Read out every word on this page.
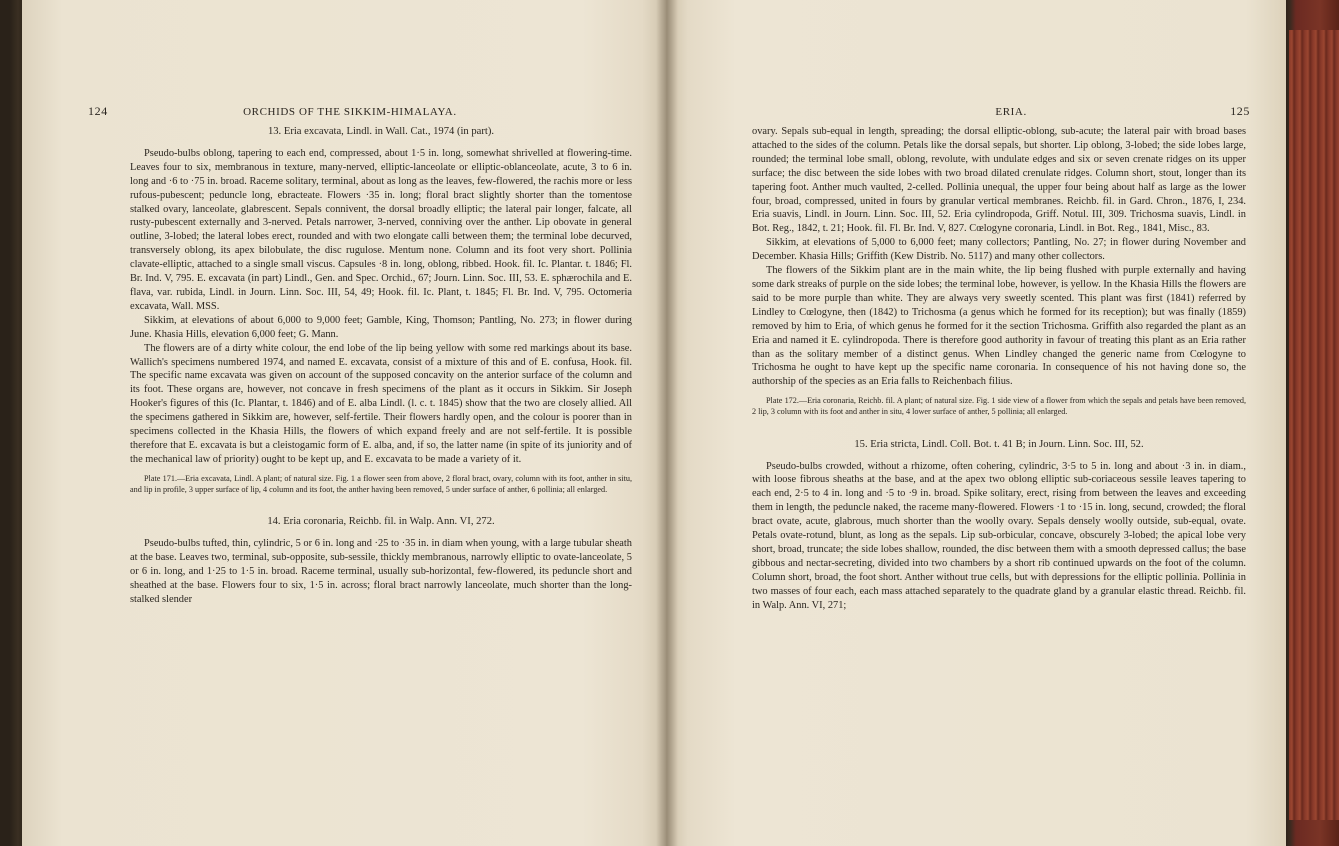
124	ORCHIDS OF THE SIKKIM-HIMALAYA.

13. Eria excavata, Lindl. in Wall. Cat., 1974 (in part).

Pseudo-bulbs oblong, tapering to each end, compressed, about 1·5 in. long, somewhat shrivelled at flowering-time. Leaves four to six, membranous in texture, many-nerved, elliptic-lanceolate or elliptic-oblanceolate, acute, 3 to 6 in. long and ·6 to ·75 in. broad. Raceme solitary, terminal, about as long as the leaves, few-flowered, the rachis more or less rufous-pubescent; peduncle long, ebracteate. Flowers ·35 in. long; floral bract slightly shorter than the tomentose stalked ovary, lanceolate, glabrescent. Sepals connivent, the dorsal broadly elliptic; the lateral pair longer, falcate, all rusty-pubescent externally and 3-nerved. Petals narrower, 3-nerved, conniving over the anther. Lip obovate in general outline, 3-lobed; the lateral lobes erect, rounded and with two elongate calli between them; the terminal lobe decurved, transversely oblong, its apex bilobulate, the disc rugulose. Mentum none. Column and its foot very short. Pollinia clavate-elliptic, attached to a single small viscus. Capsules ·8 in. long, oblong, ribbed. Hook. fil. Ic. Plantar. t. 1846; Fl. Br. Ind. V, 795. E. excavata (in part) Lindl., Gen. and Spec. Orchid., 67; Journ. Linn. Soc. III, 53. E. sphærochila and E. flava, var. rubida, Lindl. in Journ. Linn. Soc. III, 54, 49; Hook. fil. Ic. Plant, t. 1845; Fl. Br. Ind. V, 795. Octomeria excavata, Wall. MSS.

Sikkim, at elevations of about 6,000 to 9,000 feet; Gamble, King, Thomson; Pantling, No. 273; in flower during June. Khasia Hills, elevation 6,000 feet; G. Mann.

The flowers are of a dirty white colour, the end lobe of the lip being yellow with some red markings about its base. Wallich's specimens numbered 1974, and named E. excavata, consist of a mixture of this and of E. confusa, Hook. fil. The specific name excavata was given on account of the supposed concavity on the anterior surface of the column and its foot. These organs are, however, not concave in fresh specimens of the plant as it occurs in Sikkim. Sir Joseph Hooker's figures of this (Ic. Plantar, t. 1846) and of E. alba Lindl. (l. c. t. 1845) show that the two are closely allied. All the specimens gathered in Sikkim are, however, self-fertile. Their flowers hardly open, and the colour is poorer than in specimens collected in the Khasia Hills, the flowers of which expand freely and are not self-fertile. It is possible therefore that E. excavata is but a cleistogamic form of E. alba, and, if so, the latter name (in spite of its juniority and of the mechanical law of priority) ought to be kept up, and E. excavata to be made a variety of it.

Plate 171.—Eria excavata, Lindl. A plant; of natural size. Fig. 1 a flower seen from above, 2 floral bract, ovary, column with its foot, anther in situ, and lip in profile, 3 upper surface of lip, 4 column and its foot, the anther having been removed, 5 under surface of anther, 6 pollinia; all enlarged.

14. Eria coronaria, Reichb. fil. in Walp. Ann. VI, 272.

Pseudo-bulbs tufted, thin, cylindric, 5 or 6 in. long and ·25 to ·35 in. in diam when young, with a large tubular sheath at the base. Leaves two, terminal, sub-opposite, sub-sessile, thickly membranous, narrowly elliptic to ovate-lanceolate, 5 or 6 in. long, and 1·25 to 1·5 in. broad. Raceme terminal, usually sub-horizontal, few-flowered, its peduncle short and sheathed at the base. Flowers four to six, 1·5 in. across; floral bract narrowly lanceolate, much shorter than the long-stalked slender

ERIA.	125

ovary. Sepals sub-equal in length, spreading; the dorsal elliptic-oblong, sub-acute; the lateral pair with broad bases attached to the sides of the column. Petals like the dorsal sepals, but shorter. Lip oblong, 3-lobed; the side lobes large, rounded; the terminal lobe small, oblong, revolute, with undulate edges and six or seven crenate ridges on its upper surface; the disc between the side lobes with two broad dilated crenulate ridges. Column short, stout, longer than its tapering foot. Anther much vaulted, 2-celled. Pollinia unequal, the upper four being about half as large as the lower four, broad, compressed, united in fours by granular vertical membranes. Reichb. fil. in Gard. Chron., 1876, I, 234. Eria suavis, Lindl. in Journ. Linn. Soc. III, 52. Eria cylindropoda, Griff. Notul. III, 309. Trichosma suavis, Lindl. in Bot. Reg., 1842, t. 21; Hook. fil. Fl. Br. Ind. V, 827. Cœlogyne coronaria, Lindl. in Bot. Reg., 1841, Misc., 83.

Sikkim, at elevations of 5,000 to 6,000 feet; many collectors; Pantling, No. 27; in flower during November and December. Khasia Hills; Griffith (Kew Distrib. No. 5117) and many other collectors.

The flowers of the Sikkim plant are in the main white, the lip being flushed with purple externally and having some dark streaks of purple on the side lobes; the terminal lobe, however, is yellow. In the Khasia Hills the flowers are said to be more purple than white. They are always very sweetly scented. This plant was first (1841) referred by Lindley to Cœlogyne, then (1842) to Trichosma (a genus which he formed for its reception); but was finally (1859) removed by him to Eria, of which genus he formed for it the section Trichosma. Griffith also regarded the plant as an Eria and named it E. cylindropoda. There is therefore good authority in favour of treating this plant as an Eria rather than as the solitary member of a distinct genus. When Lindley changed the generic name from Cœlogyne to Trichosma he ought to have kept up the specific name coronaria. In consequence of his not having done so, the authorship of the species as an Eria falls to Reichenbach filius.

Plate 172.—Eria coronaria, Reichb. fil. A plant; of natural size. Fig. 1 side view of a flower from which the sepals and petals have been removed, 2 lip, 3 column with its foot and anther in situ, 4 lower surface of anther, 5 pollinia; all enlarged.

15. Eria stricta, Lindl. Coll. Bot. t. 41 B; in Journ. Linn. Soc. III, 52.

Pseudo-bulbs crowded, without a rhizome, often cohering, cylindric, 3·5 to 5 in. long and about ·3 in. in diam., with loose fibrous sheaths at the base, and at the apex two oblong elliptic sub-coriaceous sessile leaves tapering to each end, 2·5 to 4 in. long and ·5 to ·9 in. broad. Spike solitary, erect, rising from between the leaves and exceeding them in length, the peduncle naked, the raceme many-flowered. Flowers ·1 to ·15 in. long, secund, crowded; the floral bract ovate, acute, glabrous, much shorter than the woolly ovary. Sepals densely woolly outside, sub-equal, ovate. Petals ovate-rotund, blunt, as long as the sepals. Lip sub-orbicular, concave, obscurely 3-lobed; the apical lobe very short, broad, truncate; the side lobes shallow, rounded, the disc between them with a smooth depressed callus; the base gibbous and nectar-secreting, divided into two chambers by a short rib continued upwards on the foot of the column. Column short, broad, the foot short. Anther without true cells, but with depressions for the elliptic pollinia. Pollinia in two masses of four each, each mass attached separately to the quadrate gland by a granular elastic thread. Reichb. fil. in Walp. Ann. VI, 271;
